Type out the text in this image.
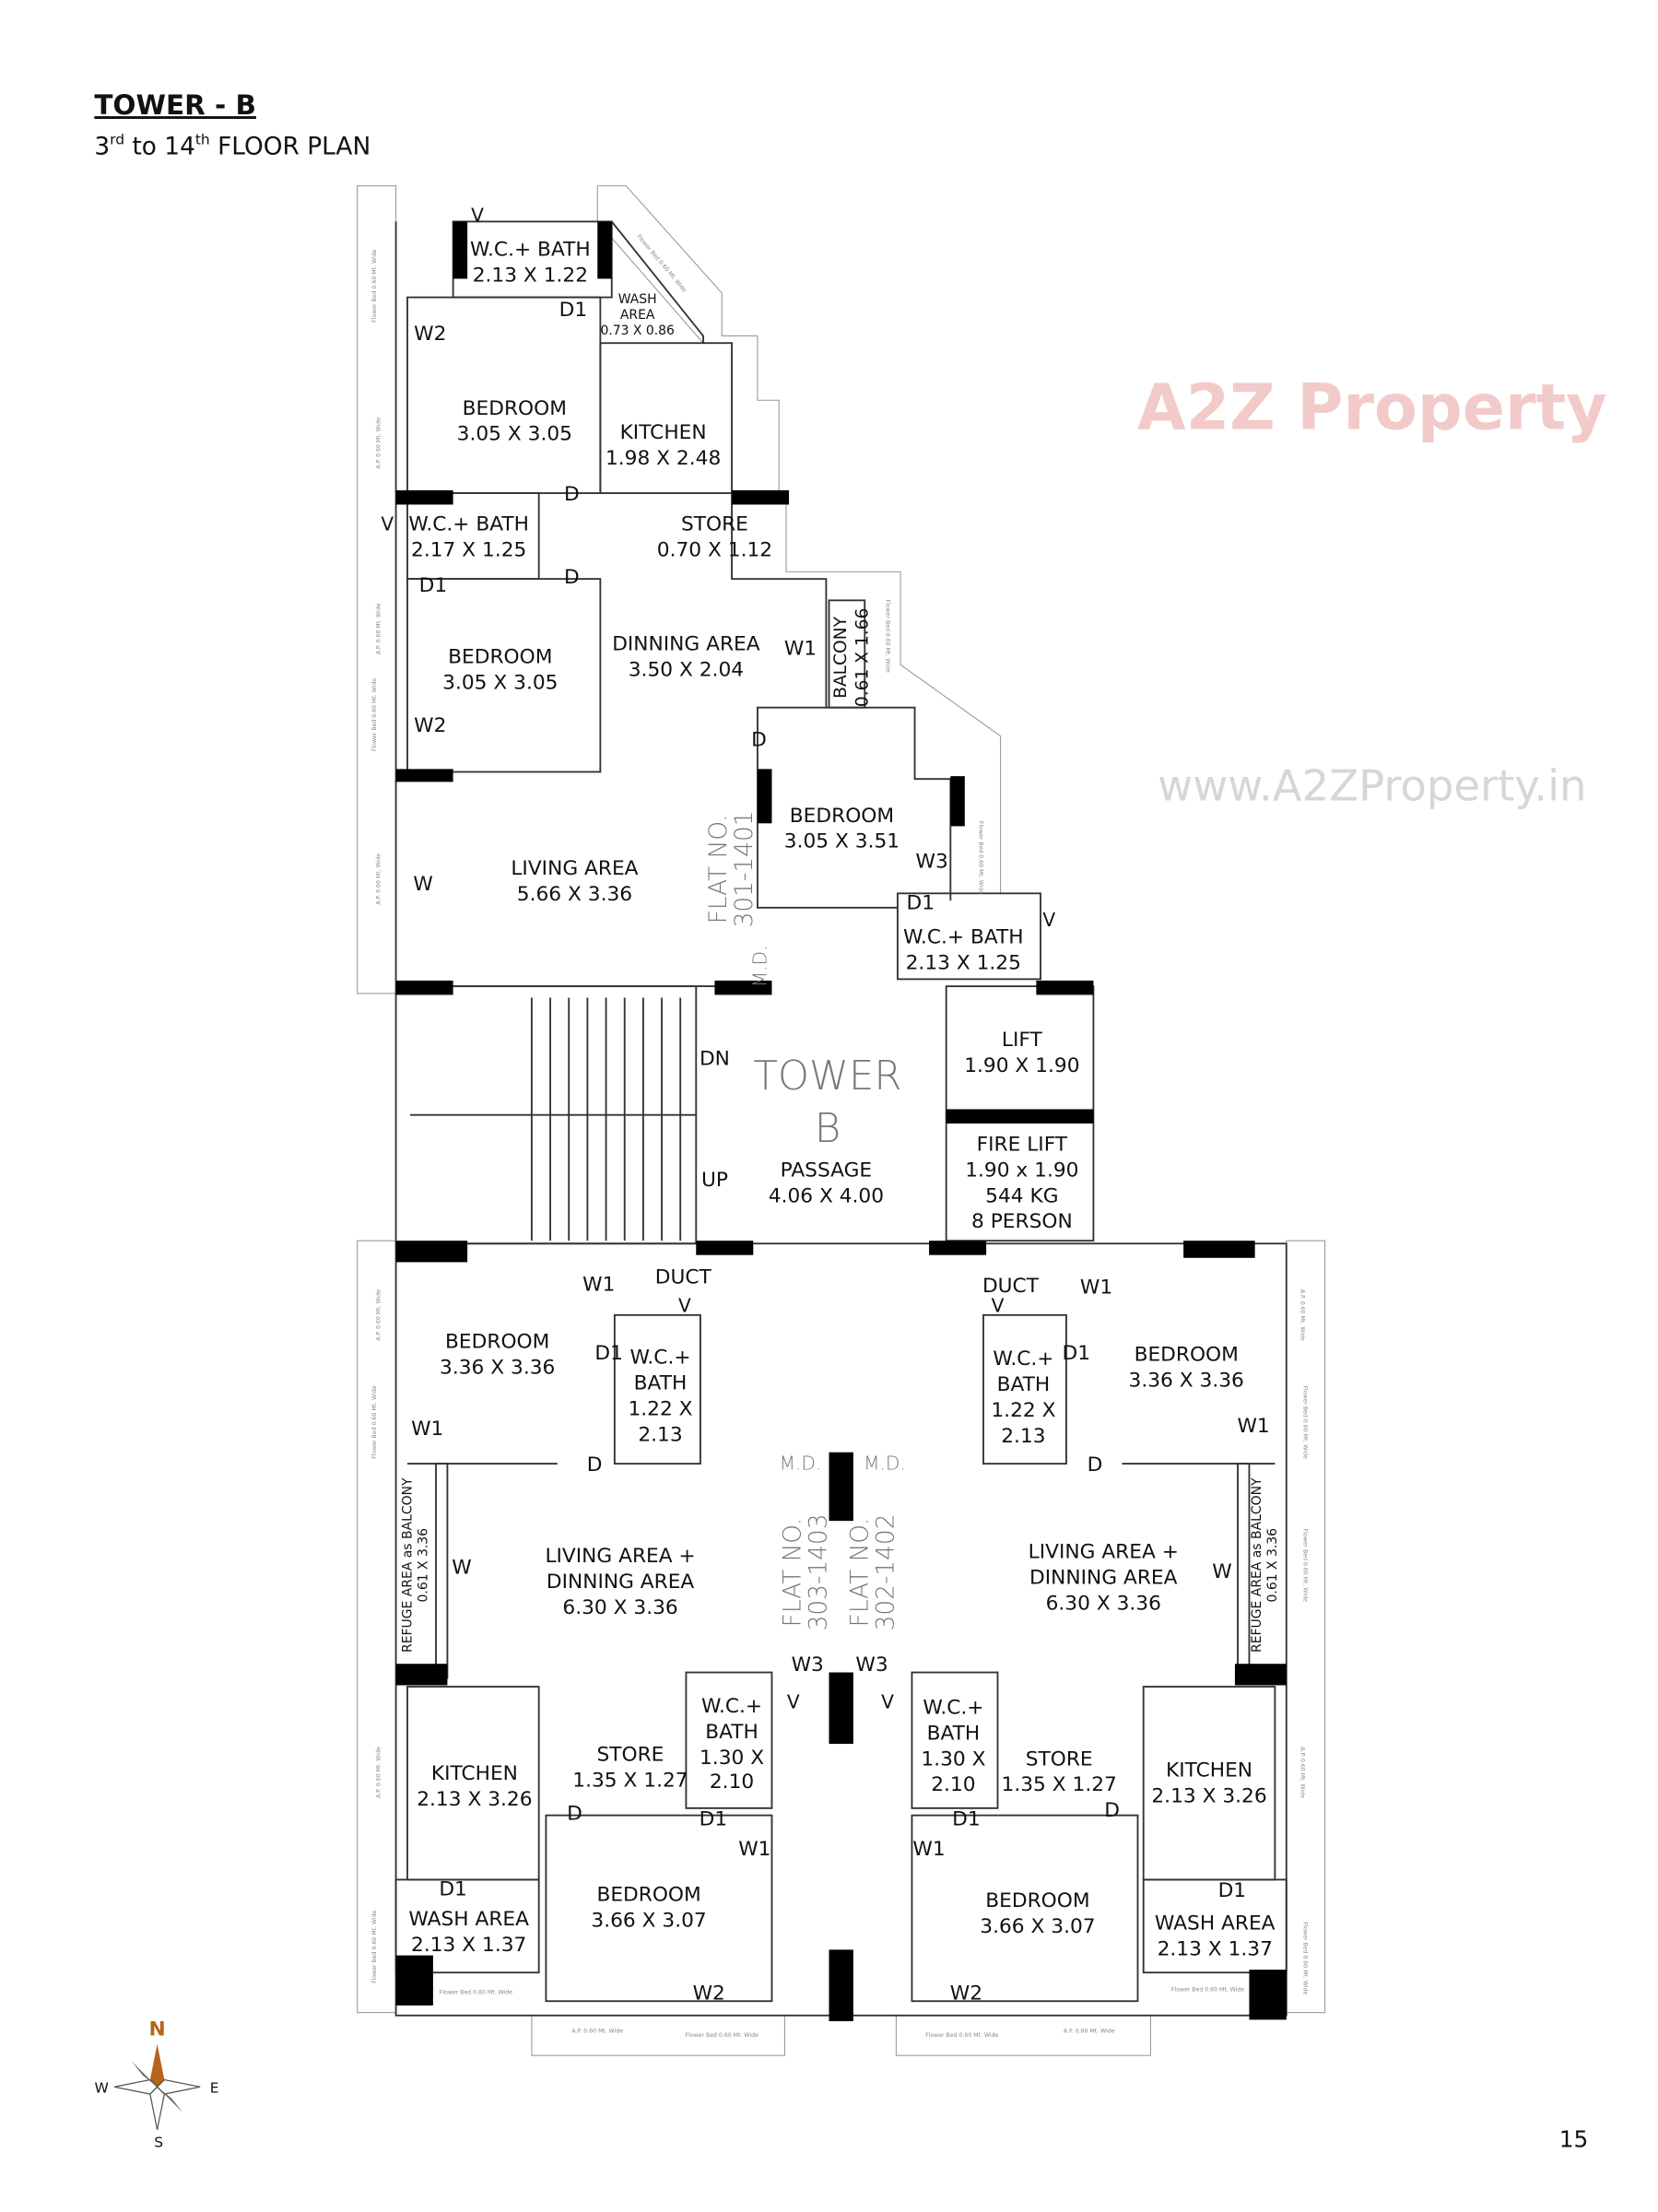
TOWER - B
3rd to 14th FLOOR PLAN
A2Z Property
www.A2ZProperty.in
V
W.C.+ BATH
2.13 X 1.22
D1	WASH
AREA
0.73 X 0.86
W2
BEDROOM
3.05 X 3.05	KITCHEN
1.98 X 2.48
D
V W.C.+ BATH
2.17 X 1.25
STORE
0.70 X 1.12
D1	D
BEDROOM
3.05 X 3.05
DINNING AREA
3.50 X 2.04
W1 BALCONY 0.61 X 1.66
W2
D
BEDROOM
3.05 X 3.51
W3
LIVING AREA
5.66 X 3.36
W	FLAT NO.
301-1401
M.D.
D1
V
W.C.+ BATH
2.13 X 1.25
DN
UP
TOWER
B
PASSAGE
4.06 X 4.00
LIFT
1.90 X 1.90
FIRE LIFT
1.90 x 1.90
544 KG
8 PERSON
W1	DUCT
V
BEDROOM
3.36 X 3.36
D1 W.C.+
BATH
1.22 X
2.13
W1
D	M.D.
REFUGE AREA as BALCONY 0.61 X 3.36 W	LIVING AREA +
DINNING AREA
6.30 X 3.36	FLAT NO.
303-1403
W3
V
W.C.+
BATH
1.30 X
2.10
STORE
1.35 X 1.27
KITCHEN
2.13 X 3.26
D	D1
W1
D1
WASH AREA
2.13 X 1.37
BEDROOM
3.66 X 3.07
W2
DUCT
V
W1
BEDROOM
3.36 X 3.36
D1
W.C.+
BATH
1.22 X
2.13	W1
M.D.	D
FLAT NO.
302-1402	LIVING AREA +
DINNING AREA
6.30 X 3.36
W REFUGE AREA as BALCONY 0.61 X 3.36
W3
V W.C.+
BATH
1.30 X
2.10
STORE
1.35 X 1.27
KITCHEN
2.13 X 3.26
D1	D
W1
D1
WASH AREA
2.13 X 1.37
BEDROOM
3.66 X 3.07
W2
Flower Bed 0.60 Mt. Wide
A.P. 0.60 Mt. Wide
A.P. 0.60 Mt. Wide
Flower Bed 0.60 Mt. Wide
A.P. 0.60 Mt. Wide
Flower Bed 0.60 Mt. Wide
Flower Bed 0.60 Mt. Wide
Flower Bed 0.60 Mt. Wide
A.P. 0.60 Mt. Wide
Flower Bed 0.60 Mt. Wide
A.P. 0.60 Mt. Wide
Flower Bed 0.60 Mt. Wide
A.P. 0.60 Mt. Wide
Flower Bed 0.60 Mt. Wide
Flower Bed 0.60 Mt. Wide
A.P. 0.60 Mt. Wide
Flower Bed 0.60 Mt. Wide
Flower Bed 0.60 Mt. Wide
A.P. 0.60 Mt. Wide
Flower Bed 0.60 Mt. Wide	Flower Bed 0.60 Mt. Wide
A.P. 0.60 Mt. Wide
Flower Bed 0.60 Mt. Wide
N
W	E
S	15
